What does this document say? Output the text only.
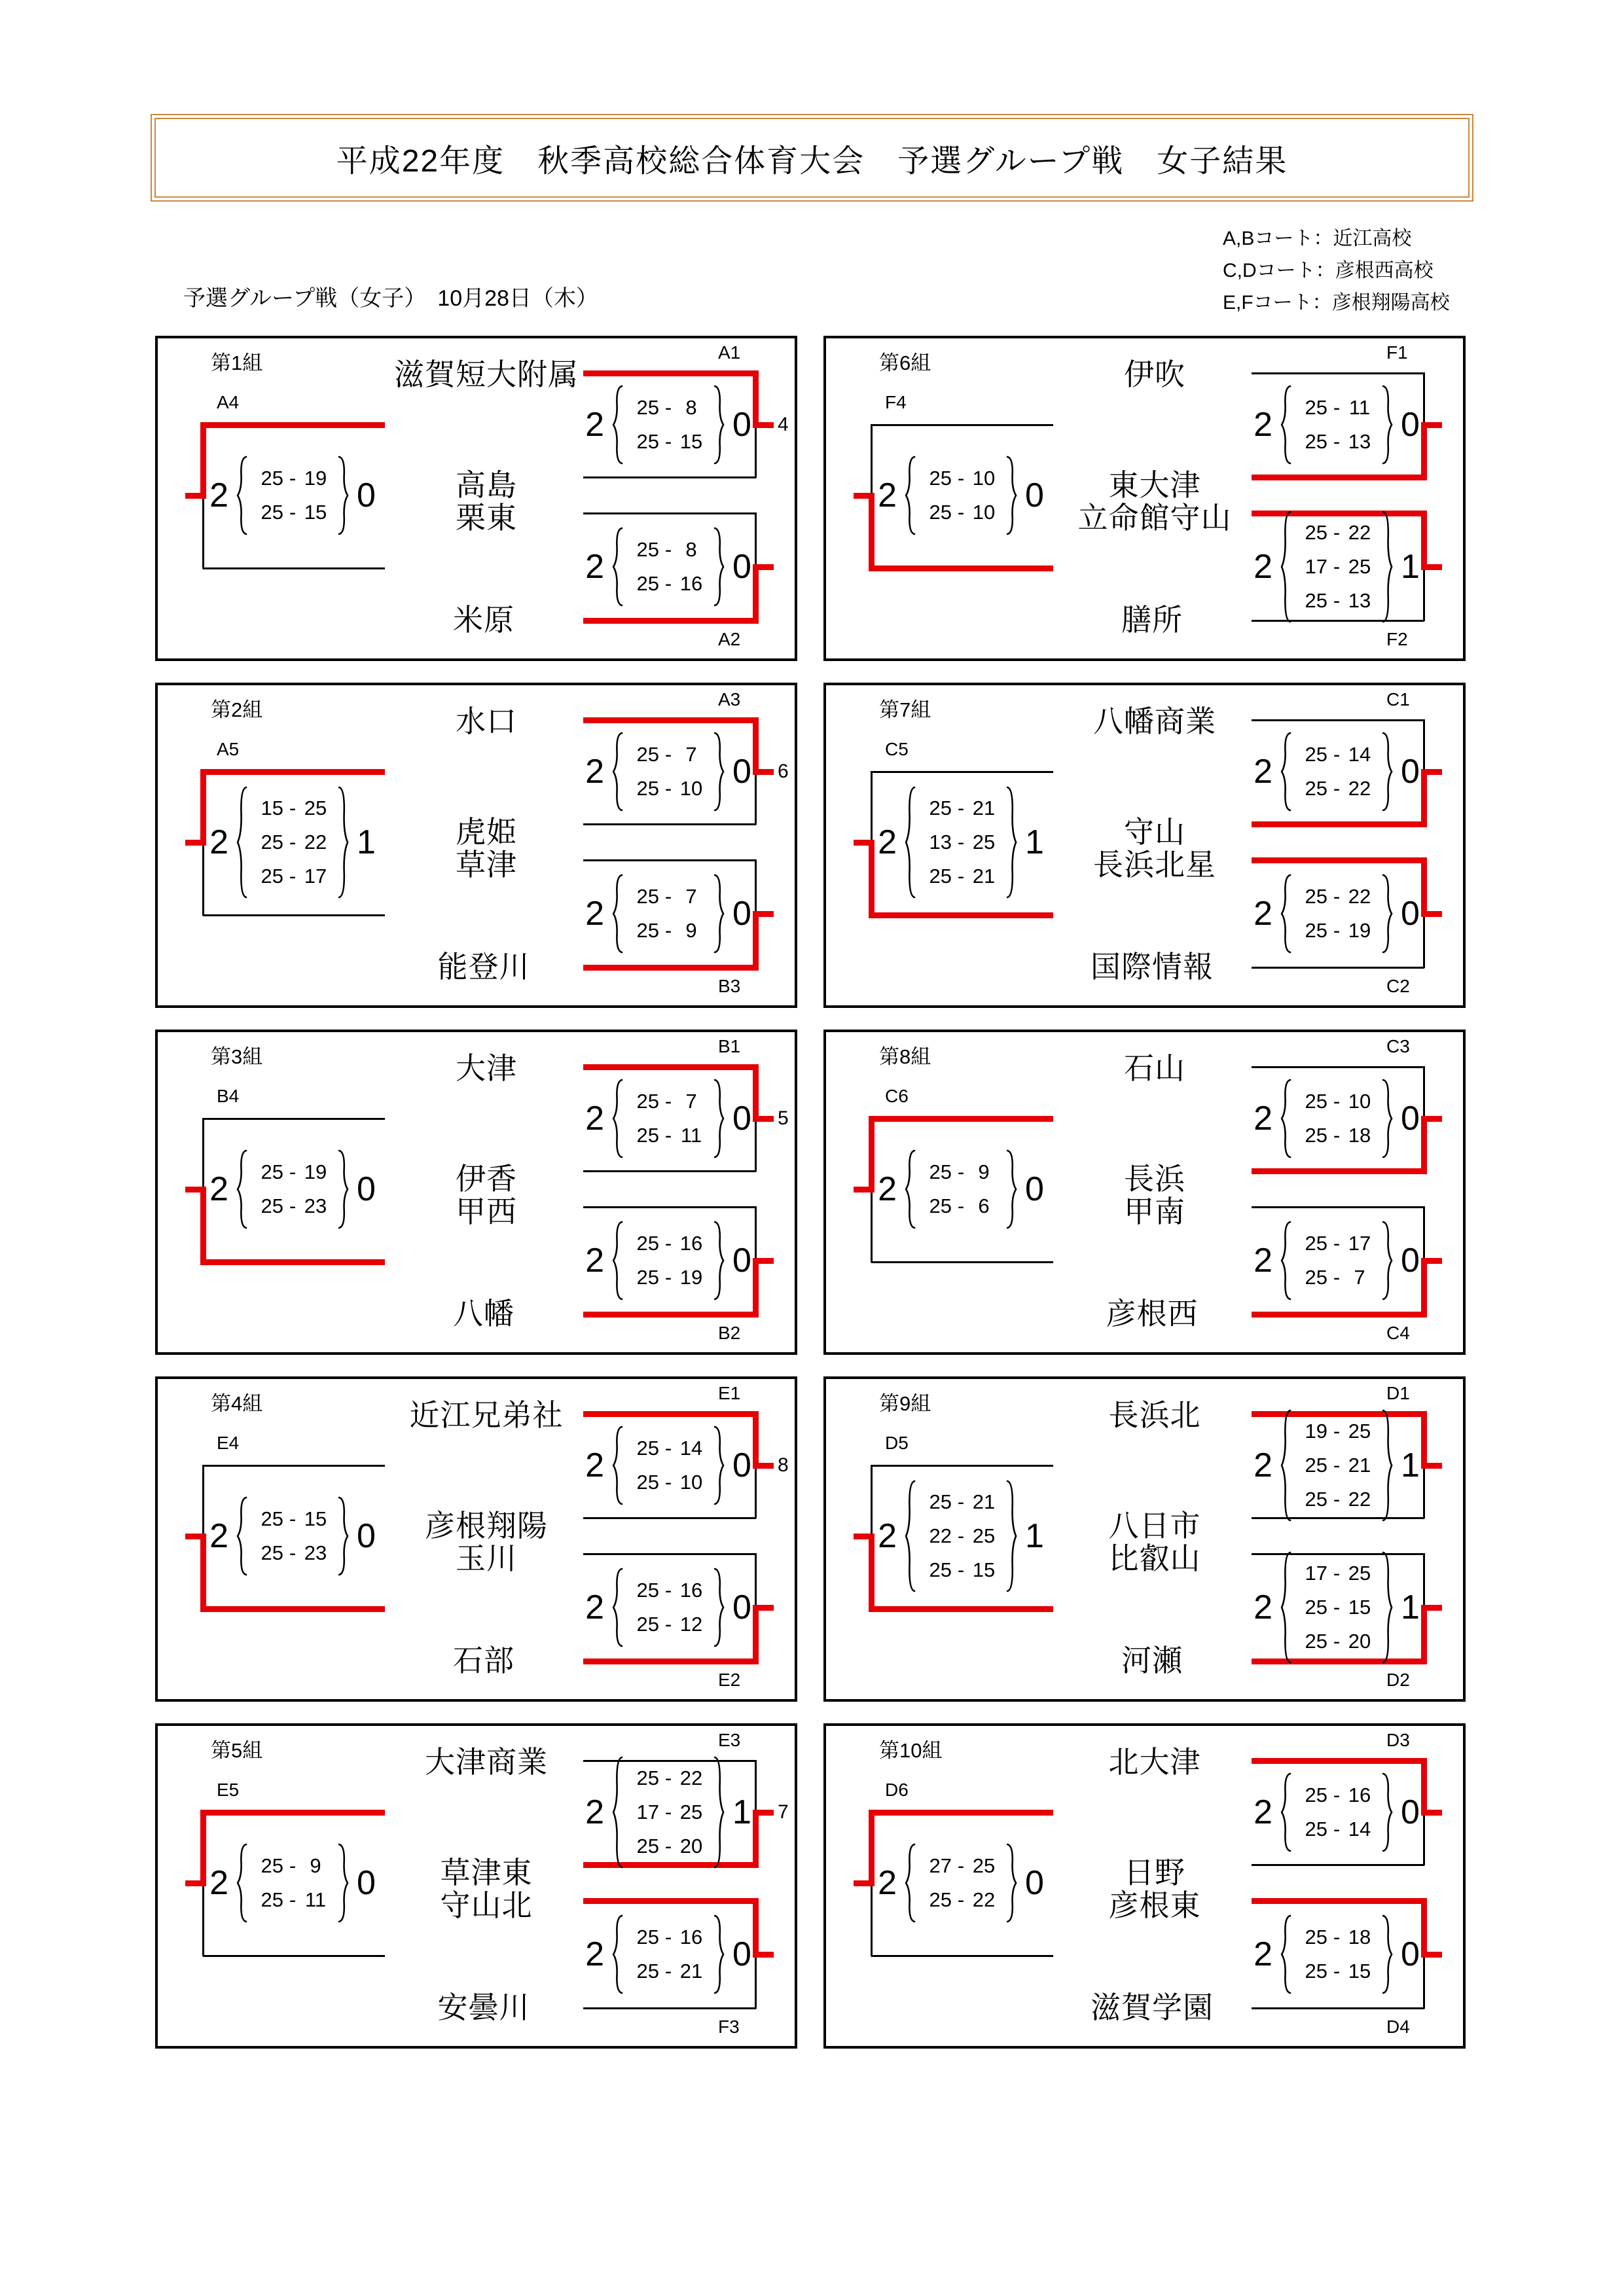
平成22年度　秋季高校総合体育大会　予選グループ戦　女子結果
A,Bコート：近江高校
C,Dコート：彦根西高校
E,Fコート：彦根翔陽高校
予選グループ戦（女子）　10月28日（木）
第1組	滋賀短大附属
高島
栗東
米原
2 25 - 19
25 - 15 0
A4
2 25 - 8
25 - 15 0
A1
4
2 25 - 8
25 - 16 0
A2
第2組	水口
虎姫
草津
能登川
2
15 - 25
25 - 22
25 - 17
1
A5
2 25 - 7
25 - 10 0
A3
6
2 25 - 7
25 - 9 0
B3
第3組	大津
伊香
甲西
八幡
2 25 - 19
25 - 23 0
B4
2 25 - 7
25 - 11 0
B1
5
2 25 - 16
25 - 19 0
B2
第4組	近江兄弟社
彦根翔陽
玉川
石部
2 25 - 15
25 - 23 0
E4
2 25 - 14
25 - 10 0
E1
8
2 25 - 16
25 - 12 0
E2
第5組	大津商業
草津東
守山北
安曇川
2 25 - 9
25 - 11 0
E5
2
25 - 22
17 - 25
25 - 20
1
E3
7
2 25 - 16
25 - 21 0
F3
第6組	伊吹
東大津
立命館守山
膳所
2 25 - 10
25 - 10 0
F4
2 25 - 11
25 - 13 0
F1
2
25 - 22
17 - 25
25 - 13
1
F2
第7組	八幡商業
守山
長浜北星
国際情報
2
25 - 21
13 - 25
25 - 21
1
C5
2 25 - 14
25 - 22 0
C1
2 25 - 22
25 - 19 0
C2
第8組	石山
長浜
甲南
彦根西
2 25 - 9
25 - 6 0
C6
2 25 - 10
25 - 18 0
C3
2 25 - 17
25 - 7 0
C4
第9組	長浜北
八日市
比叡山
河瀬
2
25 - 21
22 - 25
25 - 15
1
D5
2
19 - 25
25 - 21
25 - 22
1
D1
2
17 - 25
25 - 15
25 - 20
1
D2
第10組	北大津
日野
彦根東
滋賀学園
2 27 - 25
25 - 22 0
D6
2 25 - 16
25 - 14 0
D3
2 25 - 18
25 - 15 0
D4
